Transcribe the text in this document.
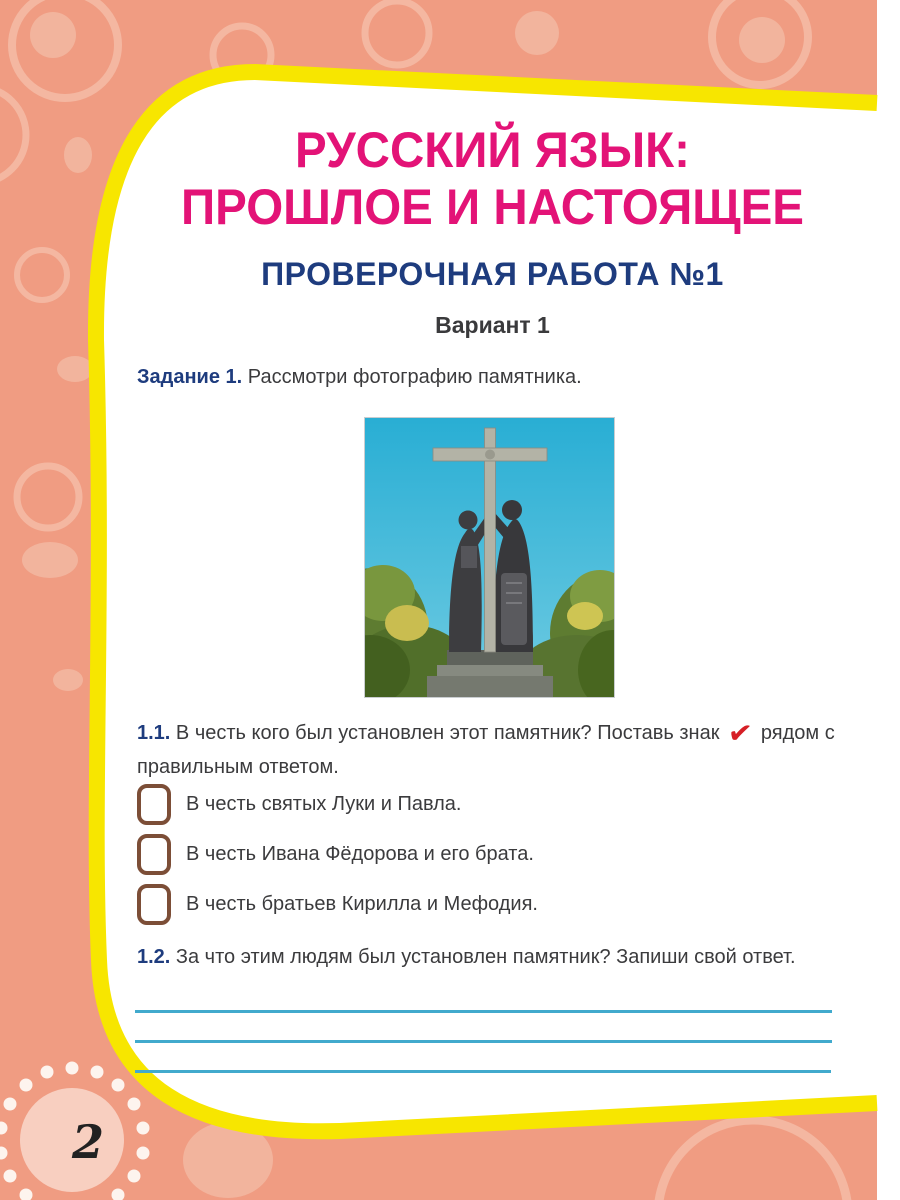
2
РУССКИЙ ЯЗЫК:
ПРОШЛОЕ И НАСТОЯЩЕЕ
ПРОВЕРОЧНАЯ РАБОТА №1
Вариант 1
Задание 1. Рассмотри фотографию памятника.
1.1. В честь кого был установлен этот памятник? Поставь знак ✔ рядом с правильным ответом.
В честь святых Луки и Павла.
В честь Ивана Фёдорова и его брата.
В честь братьев Кирилла и Мефодия.
1.2. За что этим людям был установлен памятник? Запиши свой ответ.
